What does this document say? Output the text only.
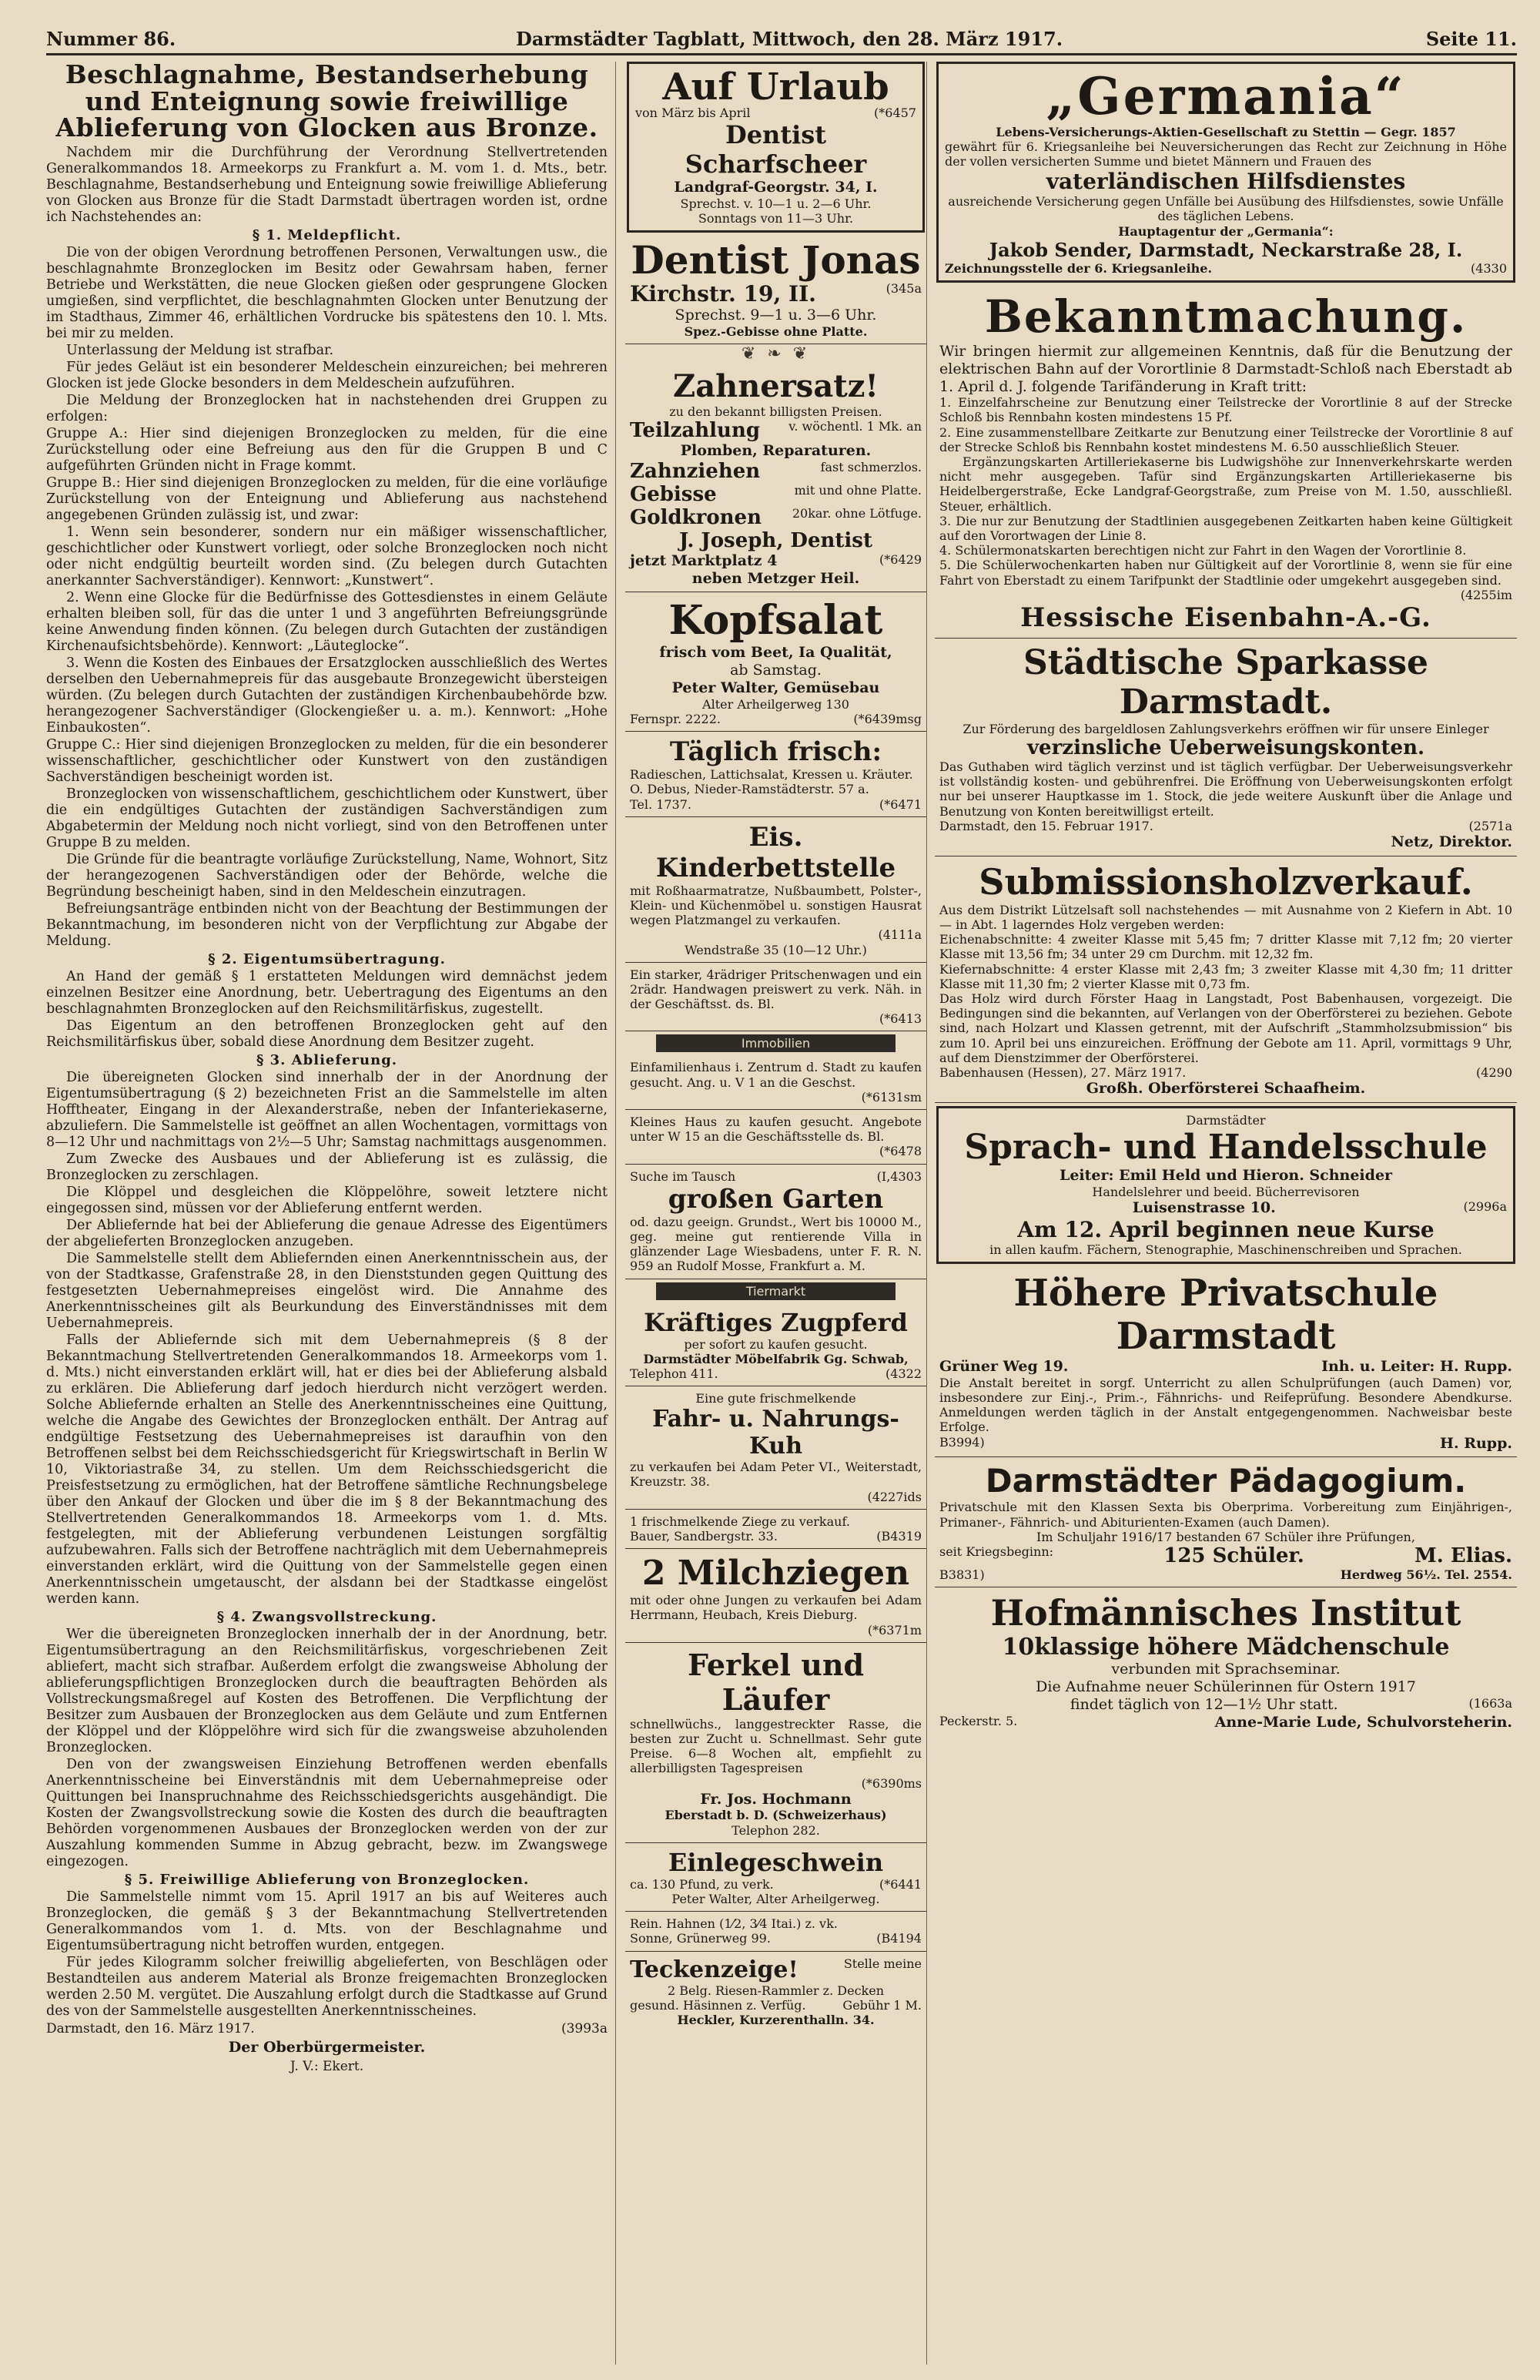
Nummer 86.	Darmstädter Tagblatt, Mittwoch, den 28. März 1917.	Seite 11.
Beschlagnahme, Bestandserhebung und Enteignung sowie freiwillige Ablieferung von Glocken aus Bronze.

Nachdem mir die Durchführung der Verordnung Stellvertretenden Generalkommandos 18. Armeekorps zu Frankfurt a. M. vom 1. d. Mts., betr. Beschlagnahme, Bestandserhebung und Enteignung sowie freiwillige Ablieferung von Glocken aus Bronze für die Stadt Darmstadt übertragen worden ist, ordne ich Nachstehendes an:

§ 1. Meldepflicht.

Die von der obigen Verordnung betroffenen Personen, Verwaltungen usw., die beschlagnahmte Bronzeglocken im Besitz oder Gewahrsam haben, ferner Betriebe und Werkstätten, die neue Glocken gießen oder gesprungene Glocken umgießen, sind verpflichtet, die beschlagnahmten Glocken unter Benutzung der im Stadthaus, Zimmer 46, erhältlichen Vordrucke bis spätestens den 10. l. Mts. bei mir zu melden.

Unterlassung der Meldung ist strafbar.

Für jedes Geläut ist ein besonderer Meldeschein einzureichen; bei mehreren Glocken ist jede Glocke besonders in dem Meldeschein aufzuführen.

Die Meldung der Bronzeglocken hat in nachstehenden drei Gruppen zu erfolgen:

Gruppe A.: Hier sind diejenigen Bronzeglocken zu melden, für die eine Zurückstellung oder eine Befreiung aus den für die Gruppen B und C aufgeführten Gründen nicht in Frage kommt.

Gruppe B.: Hier sind diejenigen Bronzeglocken zu melden, für die eine vorläufige Zurückstellung von der Enteignung und Ablieferung aus nachstehend angegebenen Gründen zulässig ist, und zwar:

1. Wenn sein besonderer, sondern nur ein mäßiger wissenschaftlicher, geschichtlicher oder Kunstwert vorliegt, oder solche Bronzeglocken noch nicht oder nicht endgültig beurteilt worden sind. (Zu belegen durch Gutachten anerkannter Sachverständiger). Kennwort: „Kunstwert“.

2. Wenn eine Glocke für die Bedürfnisse des Gottesdienstes in einem Geläute erhalten bleiben soll, für das die unter 1 und 3 angeführten Befreiungsgründe keine Anwendung finden können. (Zu belegen durch Gutachten der zuständigen Kirchenaufsichtsbehörde). Kennwort: „Läuteglocke“.

3. Wenn die Kosten des Einbaues der Ersatzglocken ausschließlich des Wertes derselben den Uebernahmepreis für das ausgebaute Bronzegewicht übersteigen würden. (Zu belegen durch Gutachten der zuständigen Kirchenbaubehörde bzw. herangezogener Sachverständiger (Glockengießer u. a. m.). Kennwort: „Hohe Einbaukosten“.

Gruppe C.: Hier sind diejenigen Bronzeglocken zu melden, für die ein besonderer wissenschaftlicher, geschichtlicher oder Kunstwert von den zuständigen Sachverständigen bescheinigt worden ist.

Bronzeglocken von wissenschaftlichem, geschichtlichem oder Kunstwert, über die ein endgültiges Gutachten der zuständigen Sachverständigen zum Abgabetermin der Meldung noch nicht vorliegt, sind von den Betroffenen unter Gruppe B zu melden.

Die Gründe für die beantragte vorläufige Zurückstellung, Name, Wohnort, Sitz der herangezogenen Sachverständigen oder der Behörde, welche die Begründung bescheinigt haben, sind in den Meldeschein einzutragen.

Befreiungsanträge entbinden nicht von der Beachtung der Bestimmungen der Bekanntmachung, im besonderen nicht von der Verpflichtung zur Abgabe der Meldung.

§ 2. Eigentumsübertragung.

An Hand der gemäß § 1 erstatteten Meldungen wird demnächst jedem einzelnen Besitzer eine Anordnung, betr. Uebertragung des Eigentums an den beschlagnahmten Bronzeglocken auf den Reichsmilitärfiskus, zugestellt.

Das Eigentum an den betroffenen Bronzeglocken geht auf den Reichsmilitärfiskus über, sobald diese Anordnung dem Besitzer zugeht.

§ 3. Ablieferung.

Die übereigneten Glocken sind innerhalb der in der Anordnung der Eigentumsübertragung (§ 2) bezeichneten Frist an die Sammelstelle im alten Hofftheater, Eingang in der Alexanderstraße, neben der Infanteriekaserne, abzuliefern. Die Sammelstelle ist geöffnet an allen Wochentagen, vormittags von 8—12 Uhr und nachmittags von 2½—5 Uhr; Samstag nachmittags ausgenommen.

Zum Zwecke des Ausbaues und der Ablieferung ist es zulässig, die Bronzeglocken zu zerschlagen.

Die Klöppel und desgleichen die Klöppelöhre, soweit letztere nicht eingegossen sind, müssen vor der Ablieferung entfernt werden.

Der Abliefernde hat bei der Ablieferung die genaue Adresse des Eigentümers der abgelieferten Bronzeglocken anzugeben.

Die Sammelstelle stellt dem Abliefernden einen Anerkenntnisschein aus, der von der Stadtkasse, Grafenstraße 28, in den Dienststunden gegen Quittung des festgesetzten Uebernahmepreises eingelöst wird. Die Annahme des Anerkenntnisscheines gilt als Beurkundung des Einverständnisses mit dem Uebernahmepreis.

Falls der Abliefernde sich mit dem Uebernahmepreis (§ 8 der Bekanntmachung Stellvertretenden Generalkommandos 18. Armeekorps vom 1. d. Mts.) nicht einverstanden erklärt will, hat er dies bei der Ablieferung alsbald zu erklären. Die Ablieferung darf jedoch hierdurch nicht verzögert werden. Solche Abliefernde erhalten an Stelle des Anerkenntnisscheines eine Quittung, welche die Angabe des Gewichtes der Bronzeglocken enthält. Der Antrag auf endgültige Festsetzung des Uebernahmepreises ist daraufhin von den Betroffenen selbst bei dem Reichsschiedsgericht für Kriegswirtschaft in Berlin W 10, Viktoriastraße 34, zu stellen. Um dem Reichsschiedsgericht die Preisfestsetzung zu ermöglichen, hat der Betroffene sämtliche Rechnungsbelege über den Ankauf der Glocken und über die im § 8 der Bekanntmachung des Stellvertretenden Generalkommandos 18. Armeekorps vom 1. d. Mts. festgelegten, mit der Ablieferung verbundenen Leistungen sorgfältig aufzubewahren. Falls sich der Betroffene nachträglich mit dem Uebernahmepreis einverstanden erklärt, wird die Quittung von der Sammelstelle gegen einen Anerkenntnisschein umgetauscht, der alsdann bei der Stadtkasse eingelöst werden kann.

§ 4. Zwangsvollstreckung.

Wer die übereigneten Bronzeglocken innerhalb der in der Anordnung, betr. Eigentumsübertragung an den Reichsmilitärfiskus, vorgeschriebenen Zeit abliefert, macht sich strafbar. Außerdem erfolgt die zwangsweise Abholung der ablieferungspflichtigen Bronzeglocken durch die beauftragten Behörden als Vollstreckungsmaßregel auf Kosten des Betroffenen. Die Verpflichtung der Besitzer zum Ausbauen der Bronzeglocken aus dem Geläute und zum Entfernen der Klöppel und der Klöppelöhre wird sich für die zwangsweise abzuholenden Bronzeglocken.

Den von der zwangsweisen Einziehung Betroffenen werden ebenfalls Anerkenntnisscheine bei Einverständnis mit dem Uebernahmepreise oder Quittungen bei Inanspruchnahme des Reichsschiedsgerichts ausgehändigt. Die Kosten der Zwangsvollstreckung sowie die Kosten des durch die beauftragten Behörden vorgenommenen Ausbaues der Bronzeglocken werden von der zur Auszahlung kommenden Summe in Abzug gebracht, bezw. im Zwangswege eingezogen.

§ 5. Freiwillige Ablieferung von Bronzeglocken.

Die Sammelstelle nimmt vom 15. April 1917 an bis auf Weiteres auch Bronzeglocken, die gemäß § 3 der Bekanntmachung Stellvertretenden Generalkommandos vom 1. d. Mts. von der Beschlagnahme und Eigentumsübertragung nicht betroffen wurden, entgegen.

Für jedes Kilogramm solcher freiwillig abgelieferten, von Beschlägen oder Bestandteilen aus anderem Material als Bronze freigemachten Bronzeglocken werden 2.50 M. vergütet. Die Auszahlung erfolgt durch die Stadtkasse auf Grund des von der Sammelstelle ausgestellten Anerkenntnisscheines.

Darmstadt, den 16. März 1917.	(3993a
Der Oberbürgermeister.
J. V.: Ekert.
Auf Urlaub
von März bis April	(*6457
Dentist Scharfscheer
Landgraf-Georgstr. 34, I.
Sprechst. v. 10—1 u. 2—6 Uhr.
Sonntags von 11—3 Uhr.
Dentist Jonas
Kirchstr. 19, II.	(345a
Sprechst. 9—1 u. 3—6 Uhr.
Spez.-Gebisse ohne Platte.
❦ ❧ ❦
Zahnersatz!
zu den bekannt billigsten Preisen.
Teilzahlung v. wöchentl. 1 Mk. an
Plomben, Reparaturen.
Zahnziehen	fast schmerzlos.
Gebisse	mit und ohne Platte.
Goldkronen 20kar. ohne Lötfuge.
J. Joseph, Dentist
jetzt Marktplatz 4	(*6429
neben Metzger Heil.
Kopfsalat
frisch vom Beet, Ia Qualität,
ab Samstag.
Peter Walter, Gemüsebau
Alter Arheilgerweg 130
Fernspr. 2222.	(*6439msg
Täglich frisch:
Radieschen, Lattichsalat, Kressen u. Kräuter.
O. Debus, Nieder-Ramstädterstr. 57 a.
Tel. 1737.	(*6471
Eis. Kinderbettstelle
mit Roßhaarmatratze, Nußbaumbett, Polster-, Klein- und Küchenmöbel u. sonstigen Hausrat wegen Platzmangel zu verkaufen.
(4111a
Wendstraße 35 (10—12 Uhr.)
Ein starker, 4rädriger Pritschenwagen und ein 2rädr. Handwagen preiswert zu verk. Näh. in der Geschäftsst. ds. Bl.
(*6413
Immobilien
Einfamilienhaus i. Zentrum d. Stadt zu kaufen gesucht. Ang. u. V 1 an die Geschst.
(*6131sm
Kleines Haus zu kaufen gesucht. Angebote unter W 15 an die Geschäftsstelle ds. Bl.
(*6478
Suche im Tausch	(I,4303
großen Garten
od. dazu geeign. Grundst., Wert bis 10000 M., geg. meine gut rentierende Villa in glänzender Lage Wiesbadens, unter F. R. N. 959 an Rudolf Mosse, Frankfurt a. M.
Tiermarkt
Kräftiges Zugpferd
per sofort zu kaufen gesucht.
Darmstädter Möbelfabrik Gg. Schwab,
Telephon 411.	(4322
Eine gute frischmelkende
Fahr- u. Nahrungs-Kuh
zu verkaufen bei Adam Peter VI., Weiterstadt, Kreuzstr. 38.
(4227ids
1 frischmelkende Ziege zu verkauf.
Bauer, Sandbergstr. 33.	(B4319
2 Milchziegen
mit oder ohne Jungen zu verkaufen bei Adam Herrmann, Heubach, Kreis Dieburg.
(*6371m
Ferkel und Läufer
schnellwüchs., langgestreckter Rasse, die besten zur Zucht u. Schnellmast. Sehr gute Preise. 6—8 Wochen alt, empfiehlt zu allerbilligsten Tagespreisen
(*6390ms
Fr. Jos. Hochmann
Eberstadt b. D. (Schweizerhaus)
Telephon 282.
Einlegeschwein
ca. 130 Pfund, zu verk.	(*6441
Peter Walter, Alter Arheilgerweg.
Rein. Hahnen (1⁄2, 3⁄4 Itai.) z. vk.
Sonne, Grünerweg 99.	(B4194
Teckenzeige!	Stelle meine
2 Belg. Riesen-Rammler z. Decken
gesund. Häsinnen z. Verfüg.	Gebühr 1 M.
Heckler, Kurzerenthalln. 34.
„Germania“
Lebens-Versicherungs-Aktien-Gesellschaft zu Stettin — Gegr. 1857
gewährt für 6. Kriegsanleihe bei Neuversicherungen das Recht zur Zeichnung in Höhe der vollen versicherten Summe und bietet Männern und Frauen des
vaterländischen Hilfsdienstes
ausreichende Versicherung gegen Unfälle bei Ausübung des Hilfsdienstes, sowie Unfälle des täglichen Lebens.
Hauptagentur der „Germania“:
Jakob Sender, Darmstadt, Neckarstraße 28, I.
Zeichnungsstelle der 6. Kriegsanleihe.	(4330
Bekanntmachung.
Wir bringen hiermit zur allgemeinen Kenntnis, daß für die Benutzung der elektrischen Bahn auf der Vorortlinie 8 Darmstadt-Schloß nach Eberstadt ab 1. April d. J. folgende Tarifänderung in Kraft tritt:
1. Einzelfahrscheine zur Benutzung einer Teilstrecke der Vorortlinie 8 auf der Strecke Schloß bis Rennbahn kosten mindestens 15 Pf.
2. Eine zusammenstellbare Zeitkarte zur Benutzung einer Teilstrecke der Vorortlinie 8 auf der Strecke Schloß bis Rennbahn kostet mindestens M. 6.50 ausschließlich Steuer.
Ergänzungskarten Artilleriekaserne bis Ludwigshöhe zur Innenverkehrskarte werden nicht mehr ausgegeben. Tafür sind Ergänzungskarten Artilleriekaserne bis Heidelbergerstraße, Ecke Landgraf-Georgstraße, zum Preise von M. 1.50, ausschließl. Steuer, erhältlich.
3. Die nur zur Benutzung der Stadtlinien ausgegebenen Zeitkarten haben keine Gültigkeit auf den Vorortwagen der Linie 8.
4. Schülermonatskarten berechtigen nicht zur Fahrt in den Wagen der Vorortlinie 8.
5. Die Schülerwochenkarten haben nur Gültigkeit auf der Vorortlinie 8, wenn sie für eine Fahrt von Eberstadt zu einem Tarifpunkt der Stadtlinie oder umgekehrt ausgegeben sind.
(4255im
Hessische Eisenbahn-A.-G.
Städtische Sparkasse Darmstadt.
Zur Förderung des bargeldlosen Zahlungsverkehrs eröffnen wir für unsere Einleger
verzinsliche Ueberweisungskonten.
Das Guthaben wird täglich verzinst und ist täglich verfügbar. Der Ueberweisungsverkehr ist vollständig kosten- und gebührenfrei. Die Eröffnung von Ueberweisungskonten erfolgt nur bei unserer Hauptkasse im 1. Stock, die jede weitere Auskunft über die Anlage und Benutzung von Konten bereitwilligst erteilt.
Darmstadt, den 15. Februar 1917.	(2571a
Netz, Direktor.
Submissionsholzverkauf.
Aus dem Distrikt Lützelsaft soll nachstehendes — mit Ausnahme von 2 Kiefern in Abt. 10 — in Abt. 1 lagerndes Holz vergeben werden:
Eichenabschnitte: 4 zweiter Klasse mit 5,45 fm; 7 dritter Klasse mit 7,12 fm; 20 vierter Klasse mit 13,56 fm; 34 unter 29 cm Durchm. mit 12,32 fm.
Kiefernabschnitte: 4 erster Klasse mit 2,43 fm; 3 zweiter Klasse mit 4,30 fm; 11 dritter Klasse mit 11,30 fm; 2 vierter Klasse mit 0,73 fm.
Das Holz wird durch Förster Haag in Langstadt, Post Babenhausen, vorgezeigt. Die Bedingungen sind die bekannten, auf Verlangen von der Oberförsterei zu beziehen. Gebote sind, nach Holzart und Klassen getrennt, mit der Aufschrift „Stammholzsubmission“ bis zum 10. April bei uns einzureichen. Eröffnung der Gebote am 11. April, vormittags 9 Uhr, auf dem Dienstzimmer der Oberförsterei.
Babenhausen (Hessen), 27. März 1917.	(4290
Großh. Oberförsterei Schaafheim.
Darmstädter
Sprach- und Handelsschule
Leiter: Emil Held und Hieron. Schneider
Handelslehrer und beeid. Bücherrevisoren
Luisenstrasse 10.	(2996a
Am 12. April beginnen neue Kurse
in allen kaufm. Fächern, Stenographie, Maschinenschreiben und Sprachen.
Höhere Privatschule Darmstadt
Grüner Weg 19.	Inh. u. Leiter: H. Rupp.
Die Anstalt bereitet in sorgf. Unterricht zu allen Schulprüfungen (auch Damen) vor, insbesondere zur Einj.-, Prim.-, Fähnrichs- und Reifeprüfung. Besondere Abendkurse. Anmeldungen werden täglich in der Anstalt entgegengenommen. Nachweisbar beste Erfolge.
B3994)	H. Rupp.
Darmstädter Pädagogium.
Privatschule mit den Klassen Sexta bis Oberprima. Vorbereitung zum Einjährigen-, Primaner-, Fähnrich- und Abiturienten-Examen (auch Damen).
Im Schuljahr 1916/17 bestanden 67 Schüler ihre Prüfungen,
seit Kriegsbeginn:	125 Schüler.	M. Elias.
B3831)	Herdweg 56½. Tel. 2554.
Hofmännisches Institut
10klassige höhere Mädchenschule
verbunden mit Sprachseminar.
Die Aufnahme neuer Schülerinnen für Ostern 1917
findet täglich von 12—1½ Uhr statt.	(1663a
Peckerstr. 5.	Anne-Marie Lude, Schulvorsteherin.
